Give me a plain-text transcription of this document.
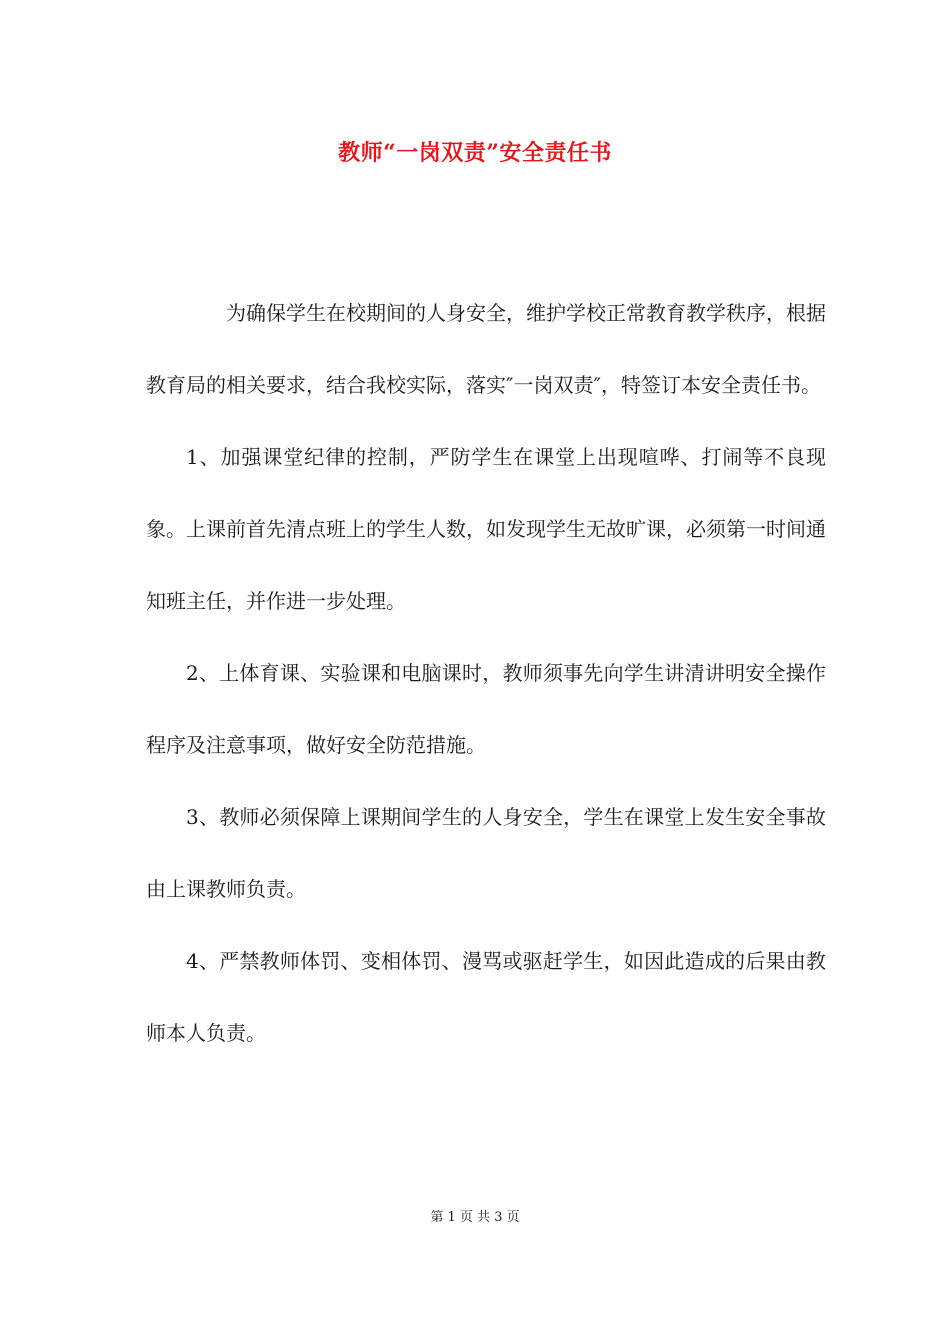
教师“一岗双责”安全责任书

为确保学生在校期间的人身安全，维护学校正常教育教学秩序，根据教育局的相关要求，结合我校实际，落实″一岗双责″，特签订本安全责任书。

1、加强课堂纪律的控制，严防学生在课堂上出现喧哗、打闹等不良现象。上课前首先清点班上的学生人数，如发现学生无故旷课，必须第一时间通知班主任，并作进一步处理。

2、上体育课、实验课和电脑课时，教师须事先向学生讲清讲明安全操作程序及注意事项，做好安全防范措施。

3、教师必须保障上课期间学生的人身安全，学生在课堂上发生安全事故由上课教师负责。

4、严禁教师体罚、变相体罚、漫骂或驱赶学生，如因此造成的后果由教师本人负责。

第 1 页 共 3 页
